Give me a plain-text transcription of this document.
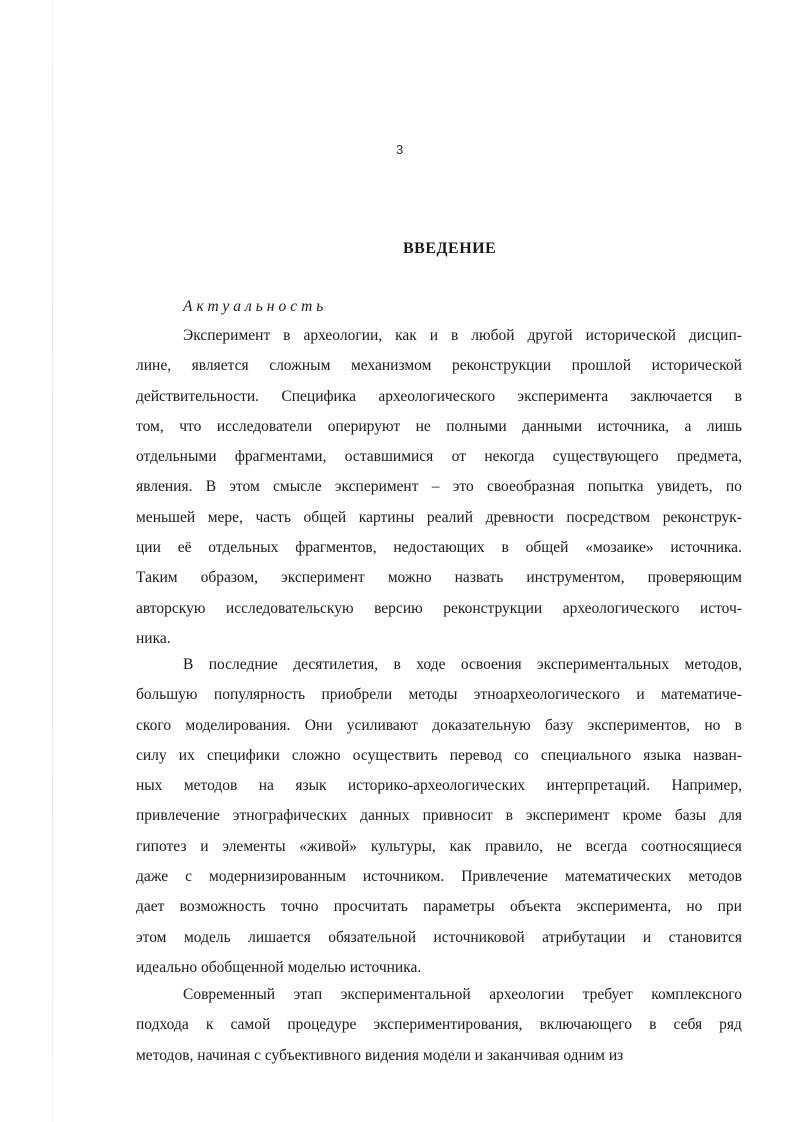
3
ВВЕДЕНИЕ
Актуальность
Эксперимент в археологии, как и в любой другой исторической дисцип-
лине, является сложным механизмом реконструкции прошлой исторической
действительности. Специфика археологического эксперимента заключается в
том, что исследователи оперируют не полными данными источника, а лишь
отдельными фрагментами, оставшимися от некогда существующего предмета,
явления. В этом смысле эксперимент – это своеобразная попытка увидеть, по
меньшей мере, часть общей картины реалий древности посредством реконструк-
ции её отдельных фрагментов, недостающих в общей «мозаике» источника.
Таким образом, эксперимент можно назвать инструментом, проверяющим
авторскую исследовательскую версию реконструкции археологического источ-
ника.
В последние десятилетия, в ходе освоения экспериментальных методов,
большую популярность приобрели методы этноархеологического и математиче-
ского моделирования. Они усиливают доказательную базу экспериментов, но в
силу их специфики сложно осуществить перевод со специального языка назван-
ных методов на язык историко-археологических интерпретаций. Например,
привлечение этнографических данных привносит в эксперимент кроме базы для
гипотез и элементы «живой» культуры, как правило, не всегда соотносящиеся
даже с модернизированным источником. Привлечение математических методов
дает возможность точно просчитать параметры объекта эксперимента, но при
этом модель лишается обязательной источниковой атрибутации и становится
идеально обобщенной моделью источника.
Современный этап экспериментальной археологии требует комплексного
подхода к самой процедуре экспериментирования, включающего в себя ряд
методов, начиная с субъективного видения модели и заканчивая одним из
